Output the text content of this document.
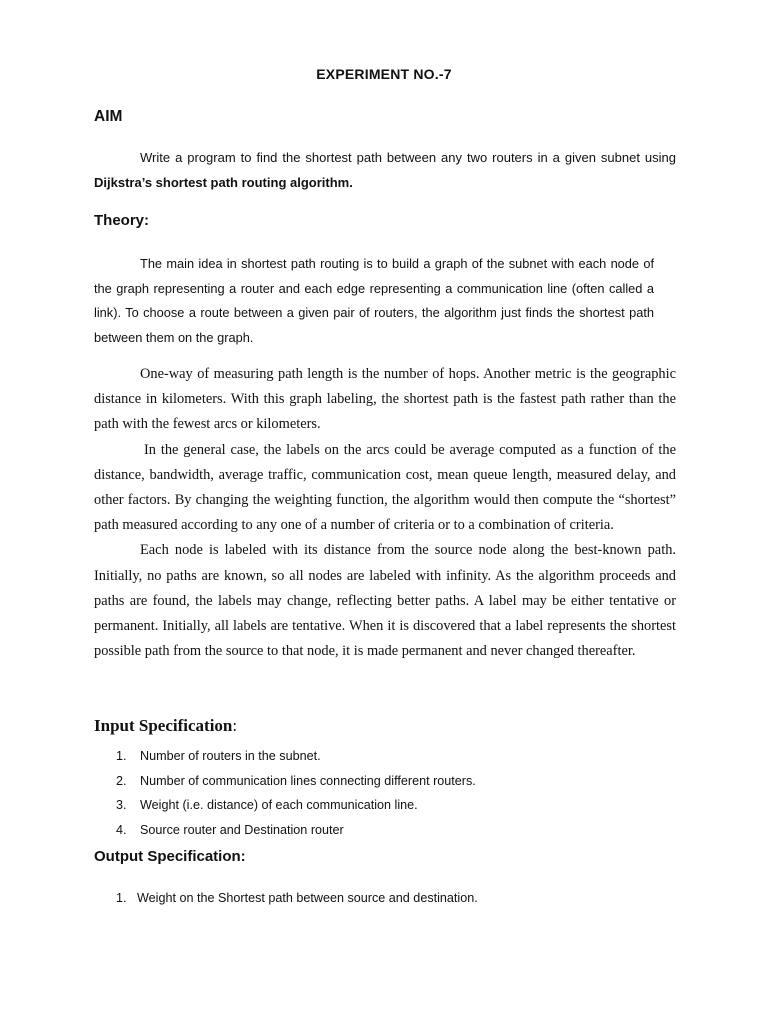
EXPERIMENT NO.-7
AIM
Write a program to find the shortest path between any two routers in a given subnet using Dijkstra’s shortest path routing algorithm.
Theory:
The main idea in shortest path routing is to build a graph of the subnet with each node of the graph representing a router and each edge representing a communication line (often called a link). To choose a route between a given pair of routers, the algorithm just finds the shortest path between them on the graph.

One-way of measuring path length is the number of hops. Another metric is the geographic distance in kilometers. With this graph labeling, the shortest path is the fastest path rather than the path with the fewest arcs or kilometers.

In the general case, the labels on the arcs could be average computed as a function of the distance, bandwidth, average traffic, communication cost, mean queue length, measured delay, and other factors. By changing the weighting function, the algorithm would then compute the “shortest” path measured according to any one of a number of criteria or to a combination of criteria.

Each node is labeled with its distance from the source node along the best-known path. Initially, no paths are known, so all nodes are labeled with infinity. As the algorithm proceeds and paths are found, the labels may change, reflecting better paths. A label may be either tentative or permanent. Initially, all labels are tentative. When it is discovered that a label represents the shortest possible path from the source to that node, it is made permanent and never changed thereafter.

Input Specification:
1. Number of routers in the subnet.
2. Number of communication lines connecting different routers.
3. Weight (i.e. distance) of each communication line.
4. Source router and Destination router
Output Specification:
1. Weight on the Shortest path between source and destination.
